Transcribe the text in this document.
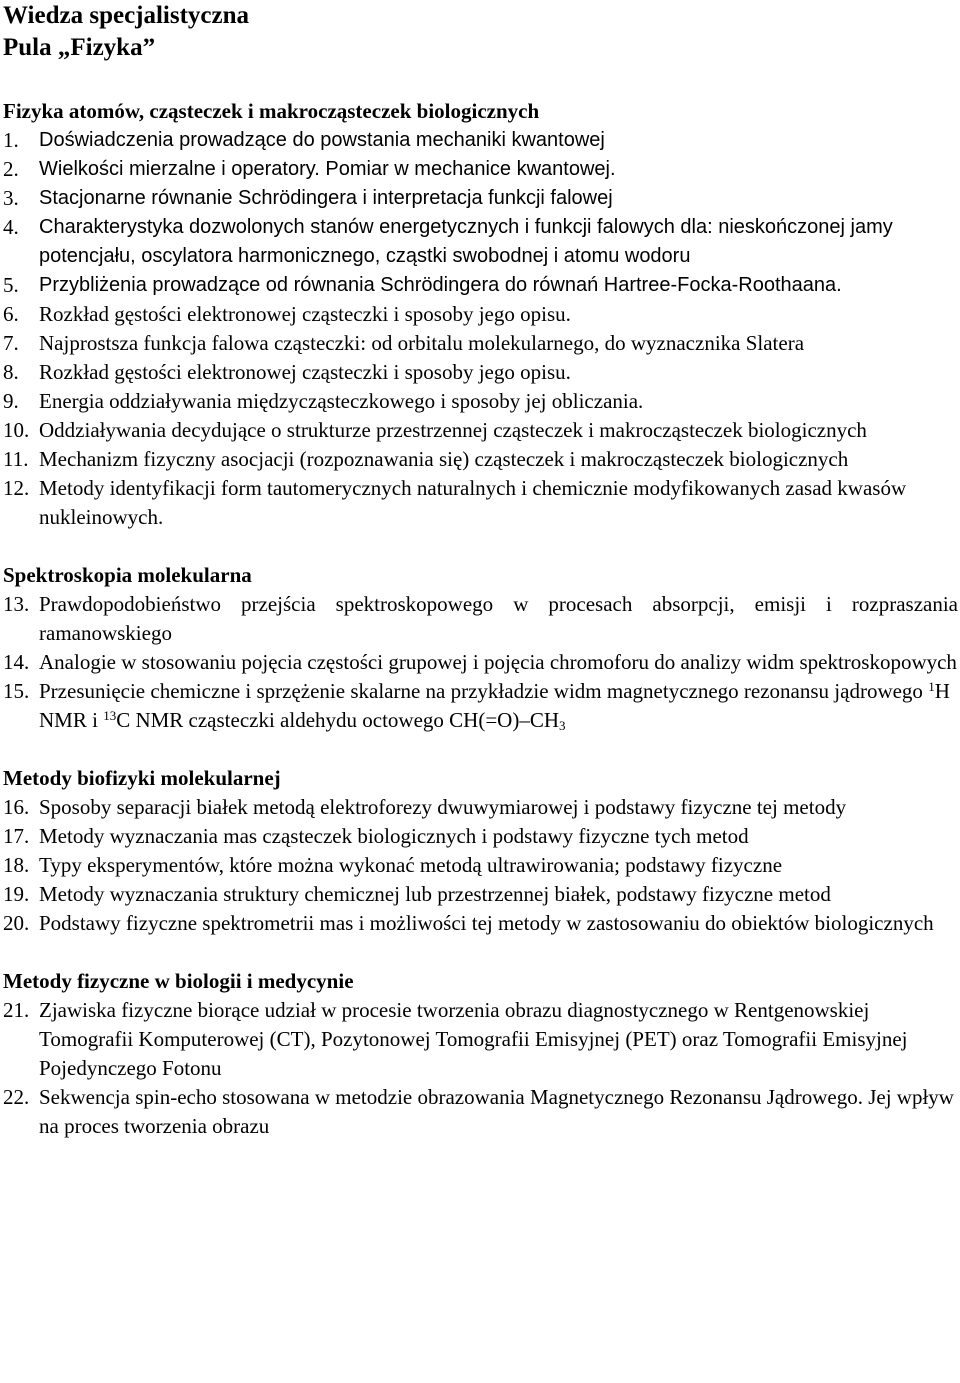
Wiedza specjalistyczna
Pula „Fizyka”
Fizyka atomów, cząsteczek i makrocząsteczek biologicznych
1.	Doświadczenia prowadzące do powstania mechaniki kwantowej
2.	Wielkości mierzalne i operatory. Pomiar w mechanice kwantowej.
3.	Stacjonarne równanie Schrödingera i interpretacja funkcji falowej
4.	Charakterystyka dozwolonych stanów energetycznych i funkcji falowych dla: nieskończonej jamy potencjału, oscylatora harmonicznego, cząstki swobodnej i atomu wodoru
5.	Przybliżenia prowadzące od równania Schrödingera do równań Hartree-Focka-Roothaana.
6. Rozkład gęstości elektronowej cząsteczki i sposoby jego opisu.
7. Najprostsza funkcja falowa cząsteczki: od orbitalu molekularnego, do wyznacznika Slatera
8. Rozkład gęstości elektronowej cząsteczki i sposoby jego opisu.
9. Energia oddziaływania międzycząsteczkowego i sposoby jej obliczania.
10. Oddziaływania decydujące o strukturze przestrzennej cząsteczek i makrocząsteczek biologicznych
11. Mechanizm fizyczny asocjacji (rozpoznawania się) cząsteczek i makrocząsteczek biologicznych
12. Metody identyfikacji form tautomerycznych naturalnych i chemicznie modyfikowanych zasad kwasów nukleinowych.
Spektroskopia molekularna
13. Prawdopodobieństwo przejścia spektroskopowego w procesach absorpcji, emisji i rozpraszania ramanowskiego
14. Analogie w stosowaniu pojęcia częstości grupowej i pojęcia chromoforu do analizy widm spektroskopowych
15. Przesunięcie chemiczne i sprzężenie skalarne na przykładzie widm magnetycznego rezonansu jądrowego $^1$H NMR i $^{13}$C NMR cząsteczki aldehydu octowego $CH(=O)-CH_3$
Metody biofizyki molekularnej
16. Sposoby separacji białek metodą elektroforezy dwuwymiarowej i podstawy fizyczne tej metody
17. Metody wyznaczania mas cząsteczek biologicznych i podstawy fizyczne tych metod
18. Typy eksperymentów, które można wykonać metodą ultrawirowania; podstawy fizyczne
19. Metody wyznaczania struktury chemicznej lub przestrzennej białek, podstawy fizyczne metod
20. Podstawy fizyczne spektrometrii mas i możliwości tej metody w zastosowaniu do obiektów biologicznych
Metody fizyczne w biologii i medycynie
21. Zjawiska fizyczne biorące udział w procesie tworzenia obrazu diagnostycznego w Rentgenowskiej Tomografii Komputerowej (CT), Pozytonowej Tomografii Emisyjnej (PET) oraz Tomografii Emisyjnej Pojedynczego Fotonu
22. Sekwencja spin-echo stosowana w metodzie obrazowania Magnetycznego Rezonansu Jądrowego. Jej wpływ na proces tworzenia obrazu
